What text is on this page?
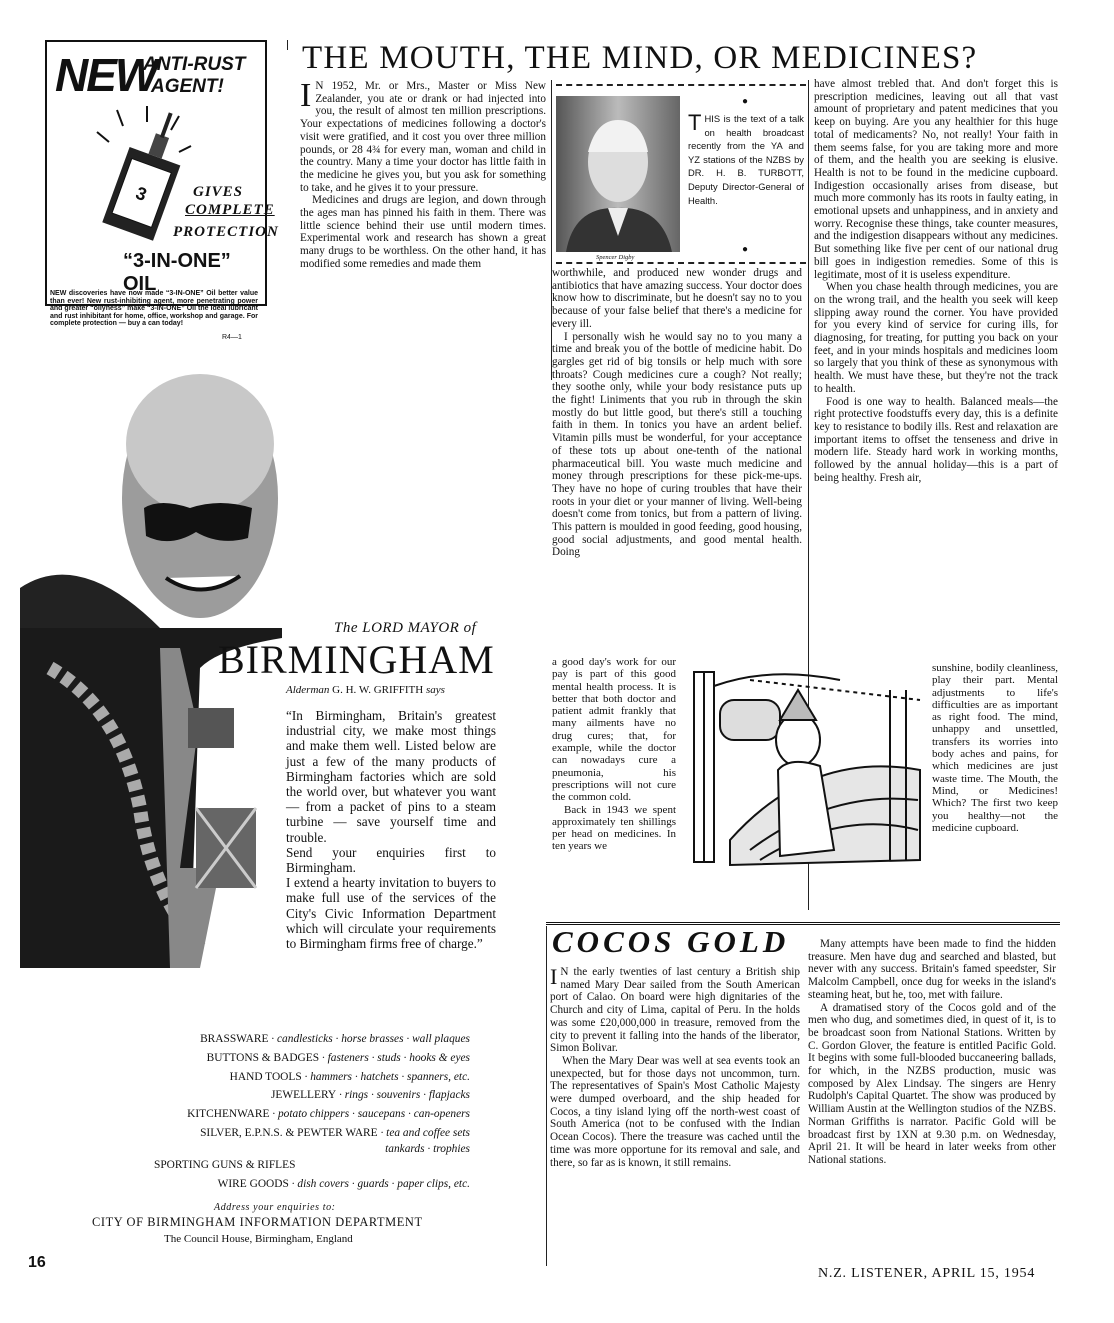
NEW
ANTI-RUST
AGENT!
3	GIVES
COMPLETE
PROTECTION
“3-IN-ONE” OIL
NEW discoveries have now made “3-IN-ONE” Oil better value than ever! New rust-inhibiting agent, more penetrating power and greater “oilyness” make “3-IN-ONE” Oil the ideal lubricant and rust inhibitant for home, office, workshop and garage. For complete protection — buy a can today!
R4—1
THE MOUTH, THE MIND, OR MEDICINES?
I N 1952, Mr. or Mrs., Master or Miss New Zealander, you ate or drank or had injected into you, the result of almost ten million prescriptions. Your expectations of medicines following a doctor's visit were gratified, and it cost you over three million pounds, or 28 4¾ for every man, woman and child in the country. Many a time your doctor has little faith in the medicine he gives you, but you ask for something to take, and he gives it to your pressure.

Medicines and drugs are legion, and down through the ages man has pinned his faith in them. There was little science behind their use until modern times. Experimental work and research has shown a great many drugs to be worthless. On the other hand, it has modified some remedies and made them

Spencer Digby
●
THIS is the text of a talk on health broadcast recently from the YA and YZ stations of the NZBS by DR. H. B. TURBOTT, Deputy Director-General of Health.
●

worthwhile, and produced new wonder drugs and antibiotics that have amazing success. Your doctor does know how to discriminate, but he doesn't say no to you because of your false belief that there's a medicine for every ill.

I personally wish he would say no to you many a time and break you of the bottle of medicine habit. Do gargles get rid of big tonsils or help much with sore throats? Cough medicines cure a cough? Not really; they soothe only, while your body resistance puts up the fight! Liniments that you rub in through the skin mostly do but little good, but there's still a touching faith in them. In tonics you have an ardent belief. Vitamin pills must be wonderful, for your acceptance of these tots up about one-tenth of the national pharmaceutical bill. You waste much medicine and money through prescriptions for these pick-me-ups. They have no hope of curing troubles that have their roots in your diet or your manner of living. Well-being doesn't come from tonics, but from a pattern of living. This pattern is moulded in good feeding, good housing, good social adjustments, and good mental health. Doing

a good day's work for our pay is part of this good mental health process. It is better that both doctor and patient admit frankly that many ailments have no drug cures; that, for example, while the doctor can nowadays cure a pneumonia, his prescriptions will not cure the common cold.

Back in 1943 we spent approximately ten shillings per head on medicines. In ten years we

have almost trebled that. And don't forget this is prescription medicines, leaving out all that vast amount of proprietary and patent medicines that you keep on buying. Are you any healthier for this huge total of medicaments? No, not really! Your faith in them seems false, for you are taking more and more of them, and the health you are seeking is elusive. Health is not to be found in the medicine cupboard. Indigestion occasionally arises from disease, but much more commonly has its roots in faulty eating, in emotional upsets and unhappiness, and in anxiety and worry. Recognise these things, take counter measures, and the indigestion disappears without any medicines. But something like five per cent of our national drug bill goes in indigestion remedies. Some of this is legitimate, most of it is useless expenditure.

When you chase health through medicines, you are on the wrong trail, and the health you seek will keep slipping away round the corner. You have provided for you every kind of service for curing ills, for diagnosing, for treating, for putting you back on your feet, and in your minds hospitals and medicines loom so largely that you think of these as synonymous with health. We must have these, but they're not the track to health.

Food is one way to health. Balanced meals—the right protective foodstuffs every day, this is a definite key to resistance to bodily ills. Rest and relaxation are important items to offset the tenseness and drive in modern life. Steady hard work in working months, followed by the annual holiday—this is a part of being healthy. Fresh air,

sunshine, bodily cleanliness, play their part. Mental adjustments to life's difficulties are as important as right food. The mind, unhappy and unsettled, transfers its worries into body aches and pains, for which medicines are just waste time. The Mouth, the Mind, or Medicines! Which? The first two keep you healthy—not the medicine cupboard.

The LORD MAYOR of
BIRMINGHAM
Alderman G. H. W. GRIFFITH says
“In Birmingham, Britain's greatest industrial city, we make most things and make them well. Listed below are just a few of the many products of Birmingham factories which are sold the world over, but whatever you want — from a packet of pins to a steam turbine — save yourself time and trouble.
Send your enquiries first to Birmingham.
I extend a hearty invitation to buyers to make full use of the services of the City's Civic Information Department which will circulate your requirements to Birmingham firms free of charge.”
BRASSWARE · candlesticks · horse brasses · wall plaques
BUTTONS & BADGES · fasteners · studs · hooks & eyes
HAND TOOLS · hammers · hatchets · spanners, etc.
JEWELLERY · rings · souvenirs · flapjacks
KITCHENWARE · potato chippers · saucepans · can-openers
SILVER, E.P.N.S. & PEWTER WARE · tea and coffee sets
tankards · trophies
SPORTING GUNS & RIFLES
WIRE GOODS · dish covers · guards · paper clips, etc.
Address your enquiries to:
CITY OF BIRMINGHAM INFORMATION DEPARTMENT
The Council House, Birmingham, England
COCOS GOLD
I N the early twenties of last century a British ship named Mary Dear sailed from the South American port of Calao. On board were high dignitaries of the Church and city of Lima, capital of Peru. In the holds was some £20,000,000 in treasure, removed from the city to prevent it falling into the hands of the liberator, Simon Bolivar.

When the Mary Dear was well at sea events took an unexpected, but for those days not uncommon, turn. The representatives of Spain's Most Catholic Majesty were dumped overboard, and the ship headed for Cocos, a tiny island lying off the north-west coast of South America (not to be confused with the Indian Ocean Cocos). There the treasure was cached until the time was more opportune for its removal and sale, and there, so far as is known, it still remains.

Many attempts have been made to find the hidden treasure. Men have dug and searched and blasted, but never with any success. Britain's famed speedster, Sir Malcolm Campbell, once dug for weeks in the island's steaming heat, but he, too, met with failure.

A dramatised story of the Cocos gold and of the men who dug, and sometimes died, in quest of it, is to be broadcast soon from National Stations. Written by C. Gordon Glover, the feature is entitled Pacific Gold. It begins with some full-blooded buccaneering ballads, for which, in the NZBS production, music was composed by Alex Lindsay. The singers are Henry Rudolph's Capital Quartet. The show was produced by William Austin at the Wellington studios of the NZBS. Norman Griffiths is narrator. Pacific Gold will be broadcast first by 1XN at 9.30 p.m. on Wednesday, April 21. It will be heard in later weeks from other National stations.

16
N.Z. LISTENER, APRIL 15, 1954
